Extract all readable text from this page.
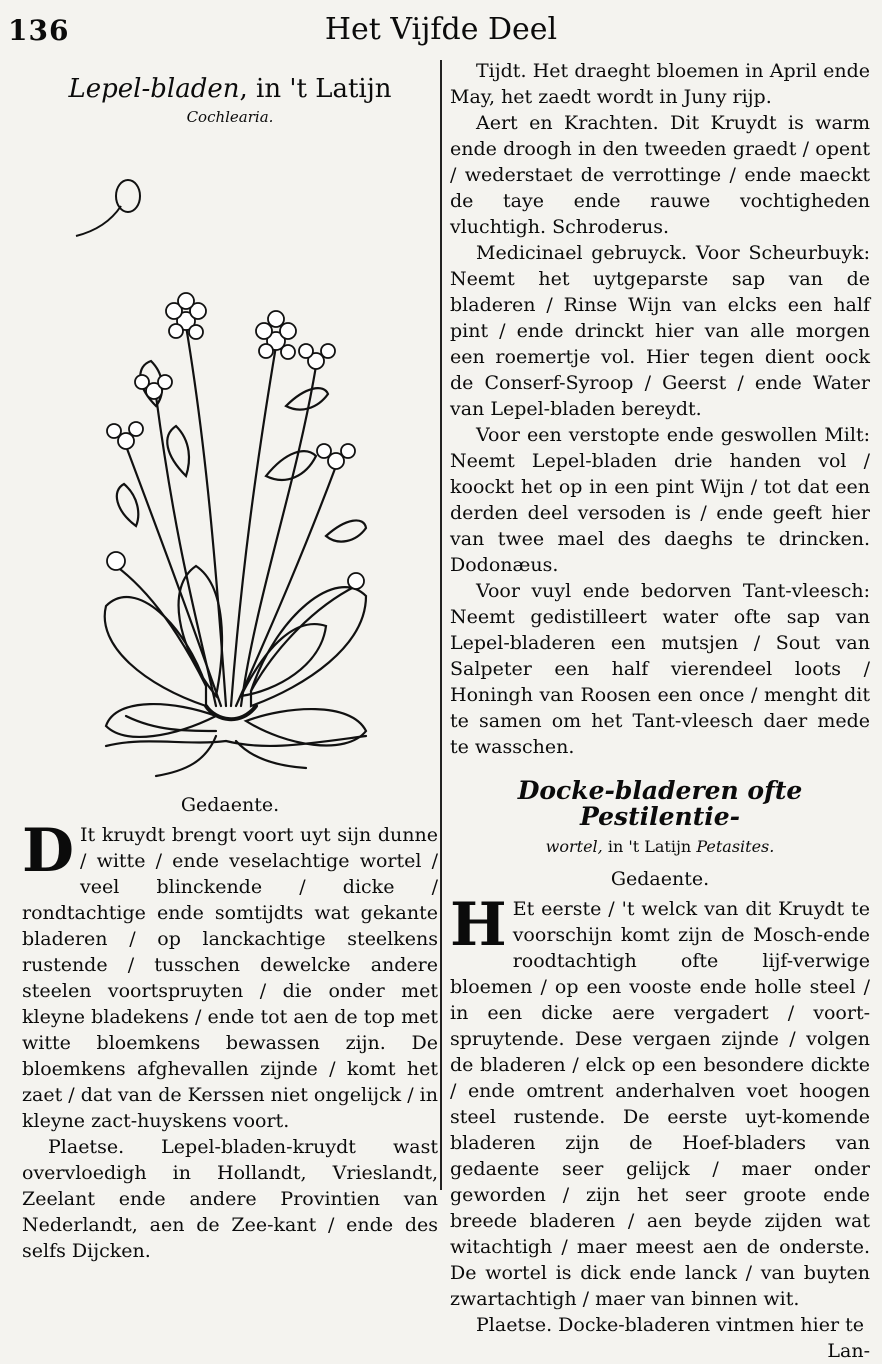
136	Het Vijfde Deel
Lepel-bladen, in 't Latijn
Cochlearia.
Gedaente.

D It kruydt brengt voort uyt sijn dunne / witte / ende veselachtige wortel / veel blinckende / dicke / rondtachtige ende somtijdts wat gekante bladeren / op lanckachtige steelkens rustende / tusschen dewelcke andere steelen voortspruyten / die onder met kleyne bladekens / ende tot aen de top met witte bloemkens bewassen zijn. De bloemkens afghevallen zijnde / komt het zaet / dat van de Kerssen niet ongelijck / in kleyne zact-huyskens voort.

Plaetse. Lepel-bladen-kruydt wast overvloedigh in Hollandt, Vrieslandt, Zeelant ende andere Provintien van Nederlandt, aen de Zee-kant / ende des selfs Dijcken.

Tijdt. Het draeght bloemen in April ende May, het zaedt wordt in Juny rijp.

Aert en Krachten. Dit Kruydt is warm ende droogh in den tweeden graedt / opent / wederstaet de verrottinge / ende maeckt de taye ende rauwe vochtigheden vluchtigh. Schroderus.

Medicinael gebruyck. Voor Scheurbuyk: Neemt het uytgeparste sap van de bladeren / Rinse Wijn van elcks een half pint / ende drinckt hier van alle morgen een roemertje vol. Hier tegen dient oock de Conserf-Syroop / Geerst / ende Water van Lepel-bladen bereydt.

Voor een verstopte ende geswollen Milt: Neemt Lepel-bladen drie handen vol / koockt het op in een pint Wijn / tot dat een derden deel versoden is / ende geeft hier van twee mael des daeghs te drincken. Dodonæus.

Voor vuyl ende bedorven Tant-vleesch: Neemt gedistilleert water ofte sap van Lepel-bladeren een mutsjen / Sout van Salpeter een half vierendeel loots / Honingh van Roosen een once / menght dit te samen om het Tant-vleesch daer mede te wasschen.

Docke-bladeren ofte Pestilentie-
wortel, in 't Latijn Petasites.
Gedaente.

H Et eerste / 't welck van dit Kruydt te voorschijn komt zijn de Mosch-ende roodtachtigh ofte lijf-verwige bloemen / op een vooste ende holle steel / in een dicke aere vergadert / voort-spruytende. Dese vergaen zijnde / volgen de bladeren / elck op een besondere dickte / ende omtrent anderhalven voet hoogen steel rustende. De eerste uyt-komende bladeren zijn de Hoef-bladers van gedaente seer gelijck / maer onder geworden / zijn het seer groote ende breede bladeren / aen beyde zijden wat witachtigh / maer meest aen de onderste. De wortel is dick ende lanck / van buyten zwartachtigh / maer van binnen wit.

Plaetse. Docke-bladeren vintmen hier te

Lan-
